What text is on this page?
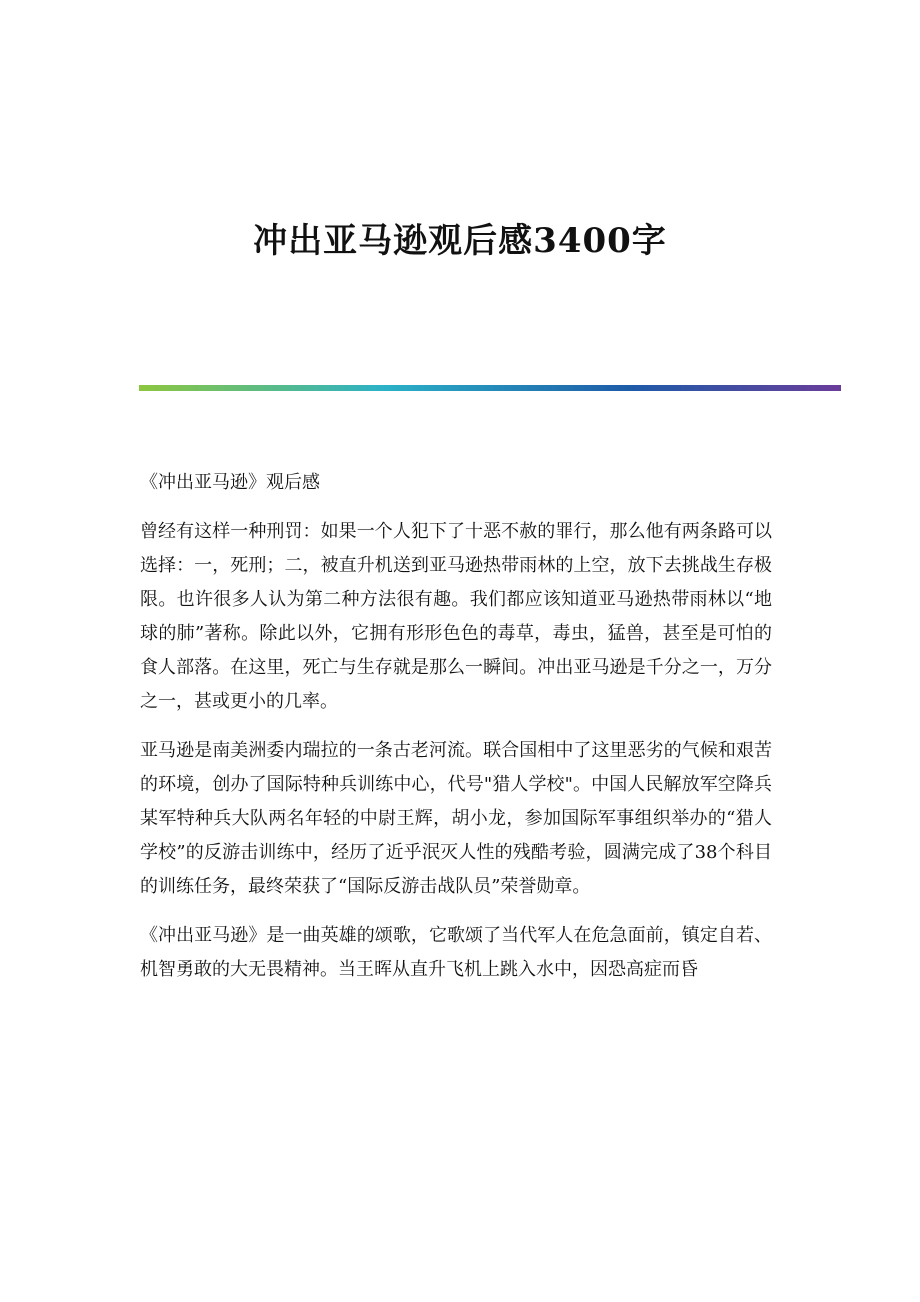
冲出亚马逊观后感3400字

《冲出亚马逊》观后感

曾经有这样一种刑罚：如果一个人犯下了十恶不赦的罪行，那么他有两条路可以选择：一，死刑；二，被直升机送到亚马逊热带雨林的上空，放下去挑战生存极限。也许很多人认为第二种方法很有趣。我们都应该知道亚马逊热带雨林以“地球的肺”著称。除此以外，它拥有形形色色的毒草，毒虫，猛兽，甚至是可怕的食人部落。在这里，死亡与生存就是那么一瞬间。冲出亚马逊是千分之一，万分之一，甚或更小的几率。

亚马逊是南美洲委内瑞拉的一条古老河流。联合国相中了这里恶劣的气候和艰苦的环境，创办了国际特种兵训练中心，代号"猎人学校"。中国人民解放军空降兵某军特种兵大队两名年轻的中尉王辉，胡小龙，参加国际军事组织举办的“猎人学校”的反游击训练中，经历了近乎泯灭人性的残酷考验，圆满完成了38个科目的训练任务，最终荣获了“国际反游击战队员”荣誉勋章。

《冲出亚马逊》是一曲英雄的颂歌，它歌颂了当代军人在危急面前，镇定自若、机智勇敢的大无畏精神。当王晖从直升飞机上跳入水中，因恐高症而昏
